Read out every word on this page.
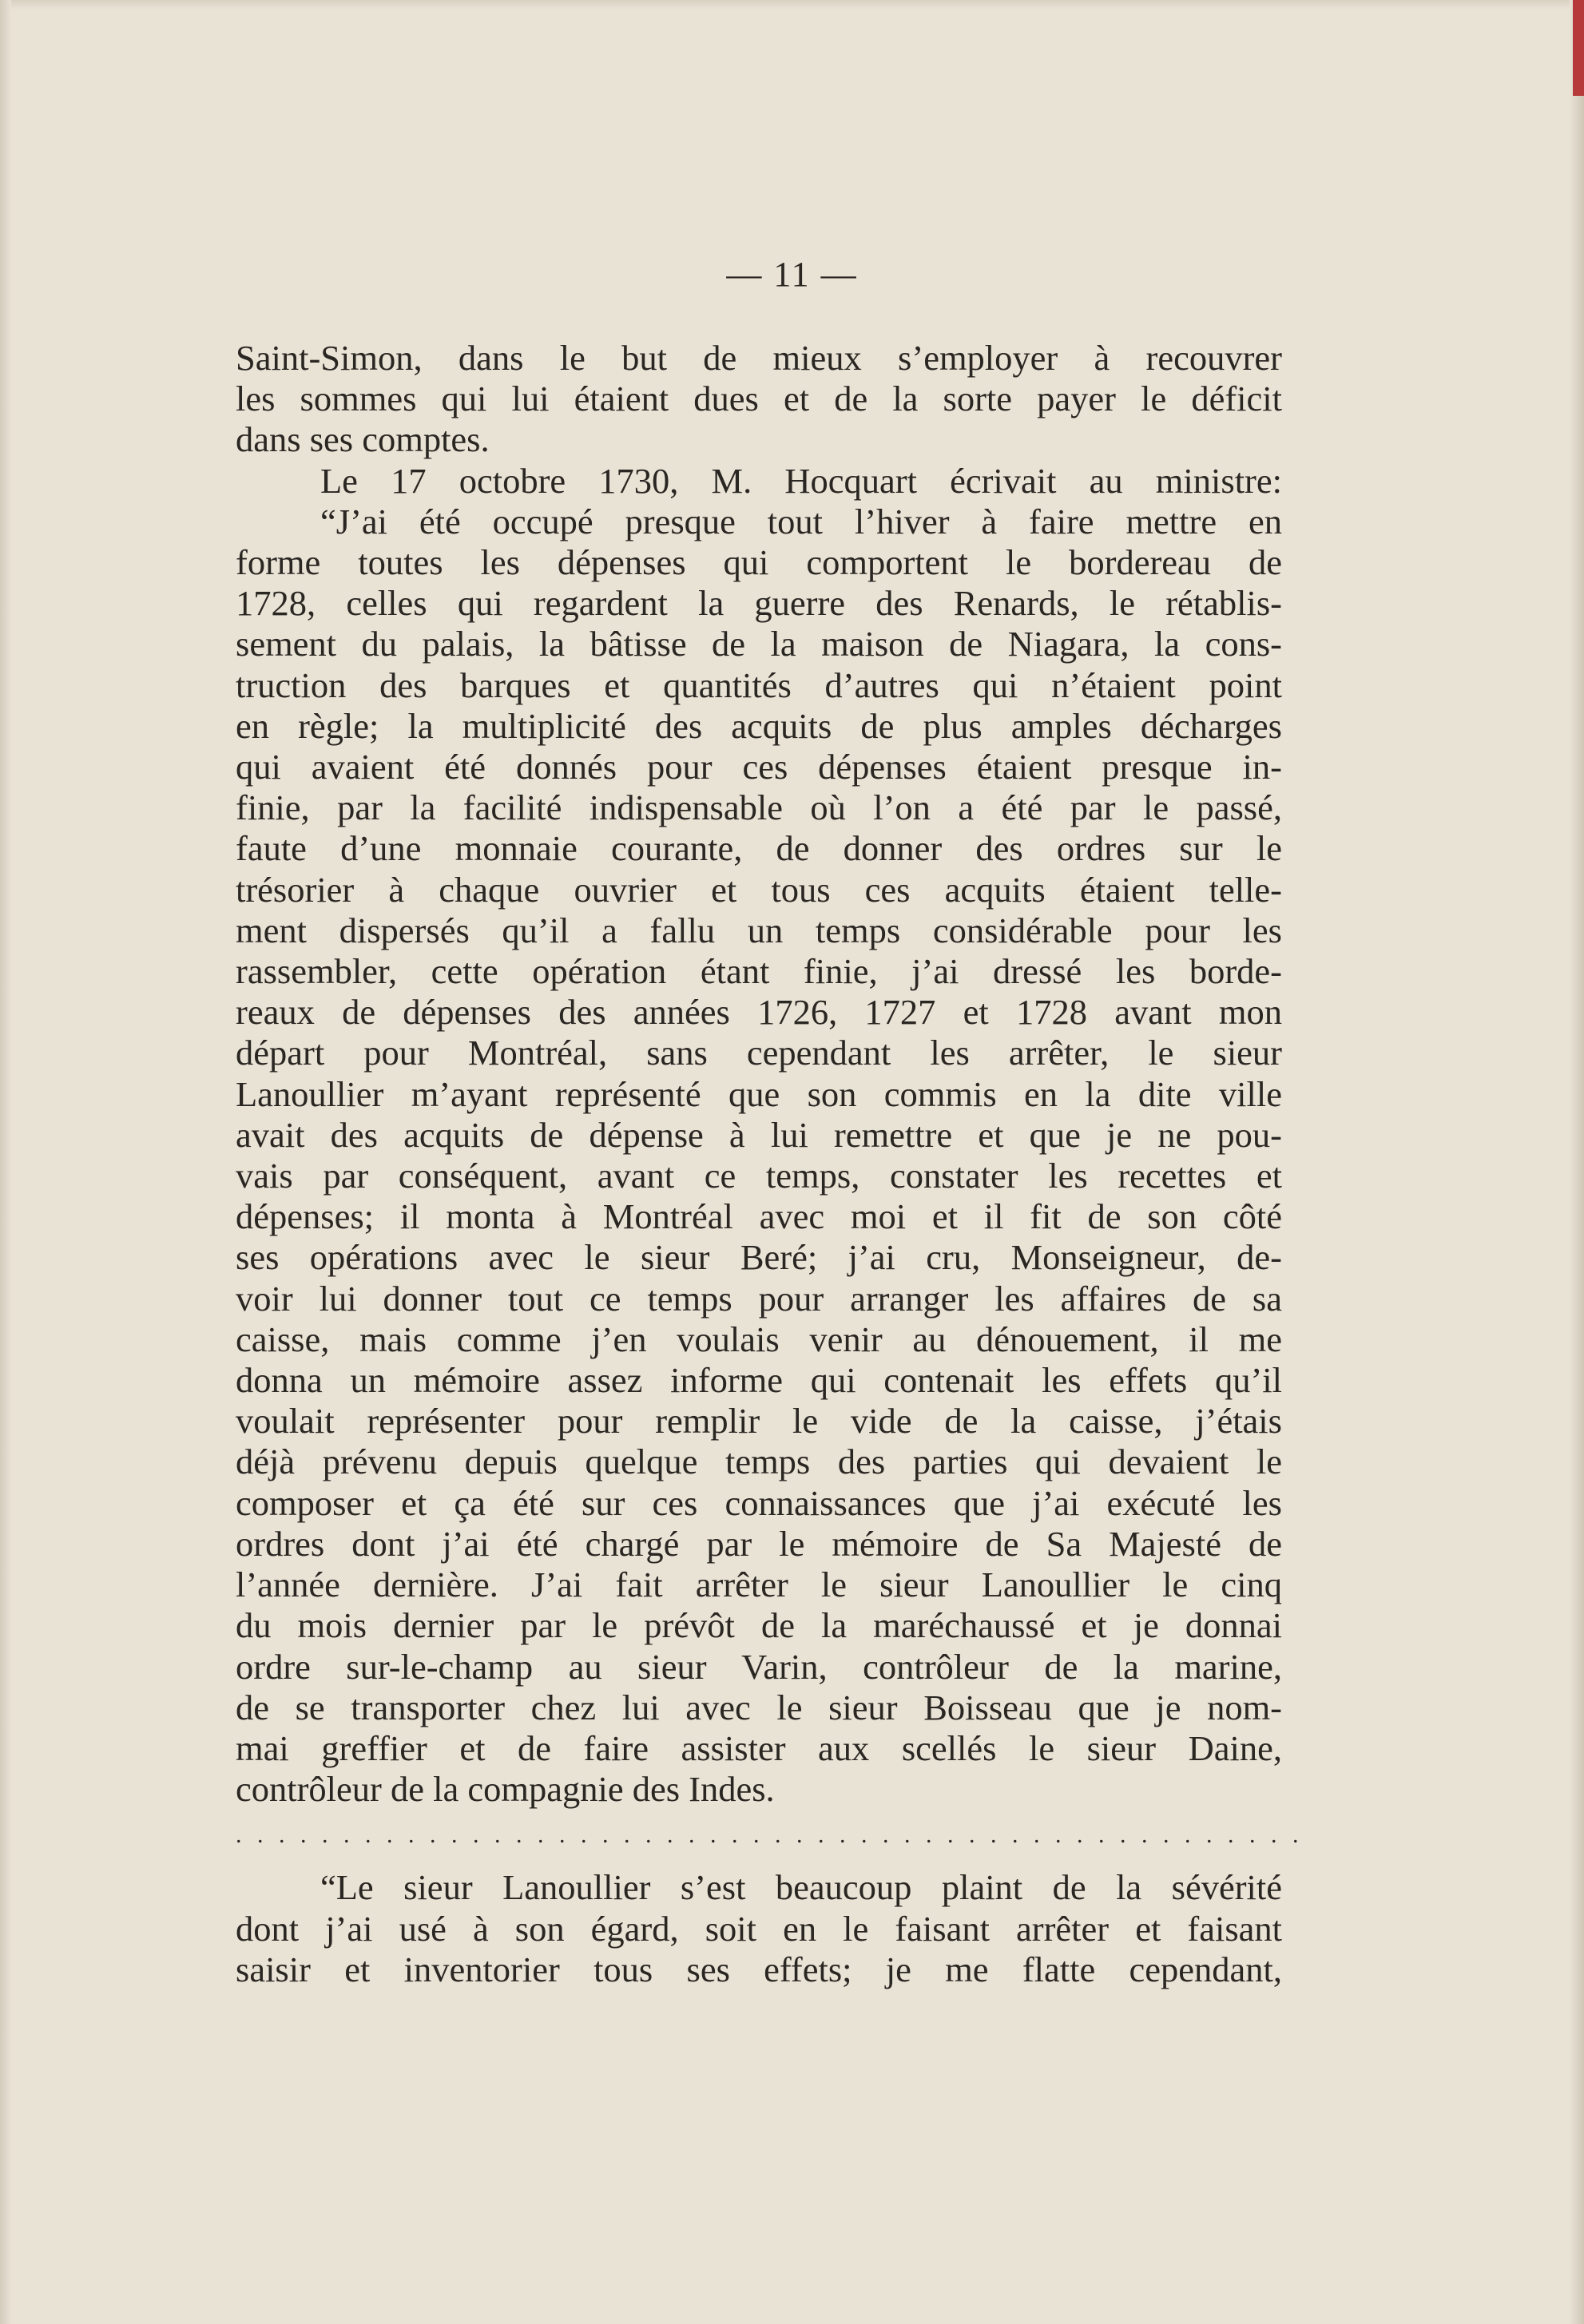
— 11 —
Saint-Simon, dans le but de mieux s’employer à recouvrer
les sommes qui lui étaient dues et de la sorte payer le déficit
dans ses comptes.
Le 17 octobre 1730, M. Hocquart écrivait au ministre:
“J’ai été occupé presque tout l’hiver à faire mettre en
forme toutes les dépenses qui comportent le bordereau de
1728, celles qui regardent la guerre des Renards, le rétablis-
sement du palais, la bâtisse de la maison de Niagara, la cons-
truction des barques et quantités d’autres qui n’étaient point
en règle; la multiplicité des acquits de plus amples décharges
qui avaient été donnés pour ces dépenses étaient presque in-
finie, par la facilité indispensable où l’on a été par le passé,
faute d’une monnaie courante, de donner des ordres sur le
trésorier à chaque ouvrier et tous ces acquits étaient telle-
ment dispersés qu’il a fallu un temps considérable pour les
rassembler, cette opération étant finie, j’ai dressé les borde-
reaux de dépenses des années 1726, 1727 et 1728 avant mon
départ pour Montréal, sans cependant les arrêter, le sieur
Lanoullier m’ayant représenté que son commis en la dite ville
avait des acquits de dépense à lui remettre et que je ne pou-
vais par conséquent, avant ce temps, constater les recettes et
dépenses; il monta à Montréal avec moi et il fit de son côté
ses opérations avec le sieur Beré; j’ai cru, Monseigneur, de-
voir lui donner tout ce temps pour arranger les affaires de sa
caisse, mais comme j’en voulais venir au dénouement, il me
donna un mémoire assez informe qui contenait les effets qu’il
voulait représenter pour remplir le vide de la caisse, j’étais
déjà prévenu depuis quelque temps des parties qui devaient le
composer et ça été sur ces connaissances que j’ai exécuté les
ordres dont j’ai été chargé par le mémoire de Sa Majesté de
l’année dernière. J’ai fait arrêter le sieur Lanoullier le cinq
du mois dernier par le prévôt de la maréchaussé et je donnai
ordre sur-le-champ au sieur Varin, contrôleur de la marine,
de se transporter chez lui avec le sieur Boisseau que je nom-
mai greffier et de faire assister aux scellés le sieur Daine,
contrôleur de la compagnie des Indes.
. . . . . . . . . . . . . . . . . . . . . . . . . . . . . . . . . . . . . . . . . . . . . . . . . .
“Le sieur Lanoullier s’est beaucoup plaint de la sévérité
dont j’ai usé à son égard, soit en le faisant arrêter et faisant
saisir et inventorier tous ses effets; je me flatte cependant,
